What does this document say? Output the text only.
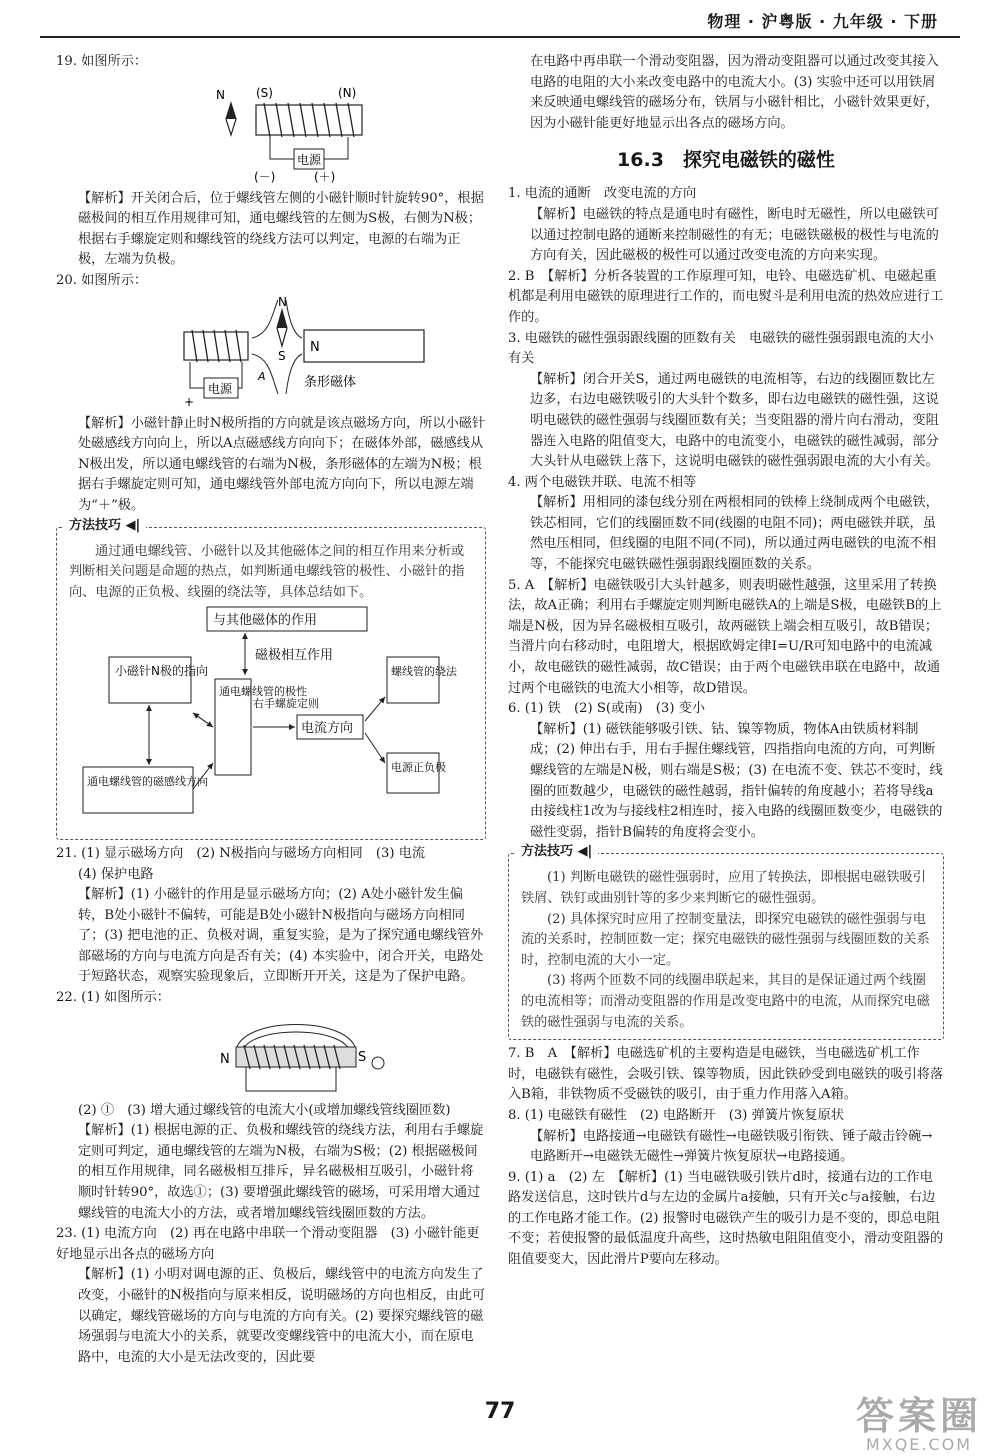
物理 · 沪粤版 · 九年级 · 下册

19. 如图所示：

N	(S)	(N)
电源
(－)	(＋)

【解析】开关闭合后，位于螺线管左侧的小磁针顺时针旋转90°，根据磁极间的相互作用规律可知，通电螺线管的左侧为S极，右侧为N极；根据右手螺旋定则和螺线管的绕线方法可以判定，电源的右端为正极，左端为负极。

20. 如图所示：

N
S
A
N
条形磁体
电源
+

【解析】小磁针静止时N极所指的方向就是该点磁场方向，所以小磁针处磁感线方向向上，所以A点磁感线方向向下；在磁体外部，磁感线从N极出发，所以通电螺线管的右端为N极，条形磁体的左端为N极；根据右手螺旋定则可知，通电螺线管外部电流方向向下，所以电源左端为“＋”极。

方法技巧 ◀|

通过通电螺线管、小磁针以及其他磁体之间的相互作用来分析或判断相关问题是命题的热点，如判断通电螺线管的极性、小磁针的指向、电源的正负极、线圈的绕法等，具体总结如下。

与其他磁体的作用
磁极相互作用
小磁针N极的指向
通电螺线管的极性
右手螺旋定则
电流方向
螺线管的绕法
电源正负极
通电螺线管的磁感线方向

21. (1) 显示磁场方向　(2) N极指向与磁场方向相同　(3) 电流

(4) 保护电路

【解析】(1) 小磁针的作用是显示磁场方向；(2) A处小磁针发生偏转，B处小磁针不偏转，可能是B处小磁针N极指向与磁场方向相同了；(3) 把电池的正、负极对调，重复实验，是为了探究通电螺线管外部磁场的方向与电流方向是否有关；(4) 本实验中，闭合开关，电路处于短路状态，观察实验现象后，立即断开开关，这是为了保护电路。

22. (1) 如图所示：

N	S

(2) ①　(3) 增大通过螺线管的电流大小(或增加螺线管线圈匝数)

【解析】(1) 根据电源的正、负极和螺线管的绕线方法，利用右手螺旋定则可判定，通电螺线管的左端为N极，右端为S极；(2) 根据磁极间的相互作用规律，同名磁极相互排斥，异名磁极相互吸引，小磁针将顺时针转90°，故选①；(3) 要增强此螺线管的磁场，可采用增大通过螺线管的电流大小的方法，或者增加螺线管线圈匝数的方法。

23. (1) 电流方向　(2) 再在电路中串联一个滑动变阻器　(3) 小磁针能更好地显示出各点的磁场方向

【解析】(1) 小明对调电源的正、负极后，螺线管中的电流方向发生了改变，小磁针的N极指向与原来相反，说明磁场的方向也相反，由此可以确定，螺线管磁场的方向与电流的方向有关。(2) 要探究螺线管的磁场强弱与电流大小的关系，就要改变螺线管中的电流大小，而在原电路中，电流的大小是无法改变的，因此要

在电路中再串联一个滑动变阻器，因为滑动变阻器可以通过改变其接入电路的电阻的大小来改变电路中的电流大小。(3) 实验中还可以用铁屑来反映通电螺线管的磁场分布，铁屑与小磁针相比，小磁针效果更好，因为小磁针能更好地显示出各点的磁场方向。

16.3　探究电磁铁的磁性

1. 电流的通断　改变电流的方向

【解析】电磁铁的特点是通电时有磁性，断电时无磁性，所以电磁铁可以通过控制电路的通断来控制磁性的有无；电磁铁磁极的极性与电流的方向有关，因此磁极的极性可以通过改变电流的方向来实现。

2. B　【解析】分析各装置的工作原理可知，电铃、电磁选矿机、电磁起重机都是利用电磁铁的原理进行工作的，而电熨斗是利用电流的热效应进行工作的。

3. 电磁铁的磁性强弱跟线圈的匝数有关　电磁铁的磁性强弱跟电流的大小有关

【解析】闭合开关S，通过两电磁铁的电流相等，右边的线圈匝数比左边多，右边电磁铁吸引的大头针个数多，即右边电磁铁的磁性强，这说明电磁铁的磁性强弱与线圈匝数有关；当变阻器的滑片向右滑动，变阻器连入电路的阻值变大，电路中的电流变小，电磁铁的磁性减弱，部分大头针从电磁铁上落下，这说明电磁铁的磁性强弱跟电流的大小有关。

4. 两个电磁铁并联、电流不相等

【解析】用相同的漆包线分别在两根相同的铁棒上绕制成两个电磁铁，铁芯相同，它们的线圈匝数不同(线圈的电阻不同)；两电磁铁并联，虽然电压相同，但线圈的电阻不同(不同)，所以通过两电磁铁的电流不相等，不能探究电磁铁磁性强弱跟线圈匝数的关系。

5. A　【解析】电磁铁吸引大头针越多，则表明磁性越强，这里采用了转换法，故A正确；利用右手螺旋定则判断电磁铁A的上端是S极，电磁铁B的上端是N极，因为异名磁极相互吸引，故两磁铁上端会相互吸引，故B错误；当滑片向右移动时，电阻增大，根据欧姆定律I=U/R可知电路中的电流减小，故电磁铁的磁性减弱，故C错误；由于两个电磁铁串联在电路中，故通过两个电磁铁的电流大小相等，故D错误。

6. (1) 铁　(2) S(或南)　(3) 变小

【解析】(1) 磁铁能够吸引铁、钴、镍等物质，物体A由铁质材料制成；(2) 伸出右手，用右手握住螺线管，四指指向电流的方向，可判断螺线管的左端是N极，则右端是S极；(3) 在电流不变、铁芯不变时，线圈的匝数越少，电磁铁的磁性越弱，指针偏转的角度越小；若将导线a由接线柱1改为与接线柱2相连时，接入电路的线圈匝数变少，电磁铁的磁性变弱，指针B偏转的角度将会变小。

方法技巧 ◀|

(1) 判断电磁铁的磁性强弱时，应用了转换法，即根据电磁铁吸引铁屑、铁钉或曲别针等的多少来判断它的磁性强弱。

(2) 具体探究时应用了控制变量法，即探究电磁铁的磁性强弱与电流的关系时，控制匝数一定；探究电磁铁的磁性强弱与线圈匝数的关系时，控制电流的大小一定。

(3) 将两个匝数不同的线圈串联起来，其目的是保证通过两个线圈的电流相等；而滑动变阻器的作用是改变电路中的电流，从而探究电磁铁的磁性强弱与电流的关系。

7. B　A　【解析】电磁选矿机的主要构造是电磁铁，当电磁选矿机工作时，电磁铁有磁性，会吸引铁、镍等物质，因此铁砂受到电磁铁的吸引将落入B箱，非铁物质不受磁铁的吸引，由于重力作用落入A箱。

8. (1) 电磁铁有磁性　(2) 电路断开　(3) 弹簧片恢复原状

【解析】电路接通→电磁铁有磁性→电磁铁吸引衔铁、锤子敲击铃碗→电路断开→电磁铁无磁性→弹簧片恢复原状→电路接通。

9. (1) a　(2) 左　【解析】(1) 当电磁铁吸引铁片d时，接通右边的工作电路发送信息，这时铁片d与左边的金属片a接触，只有开关c与a接触，右边的工作电路才能工作。(2) 报警时电磁铁产生的吸引力是不变的，即总电阻不变；若使报警的最低温度升高些，这时热敏电阻阻值变小，滑动变阻器的阻值要变大，因此滑片P要向左移动。

77	答案圈
MXQE.COM
